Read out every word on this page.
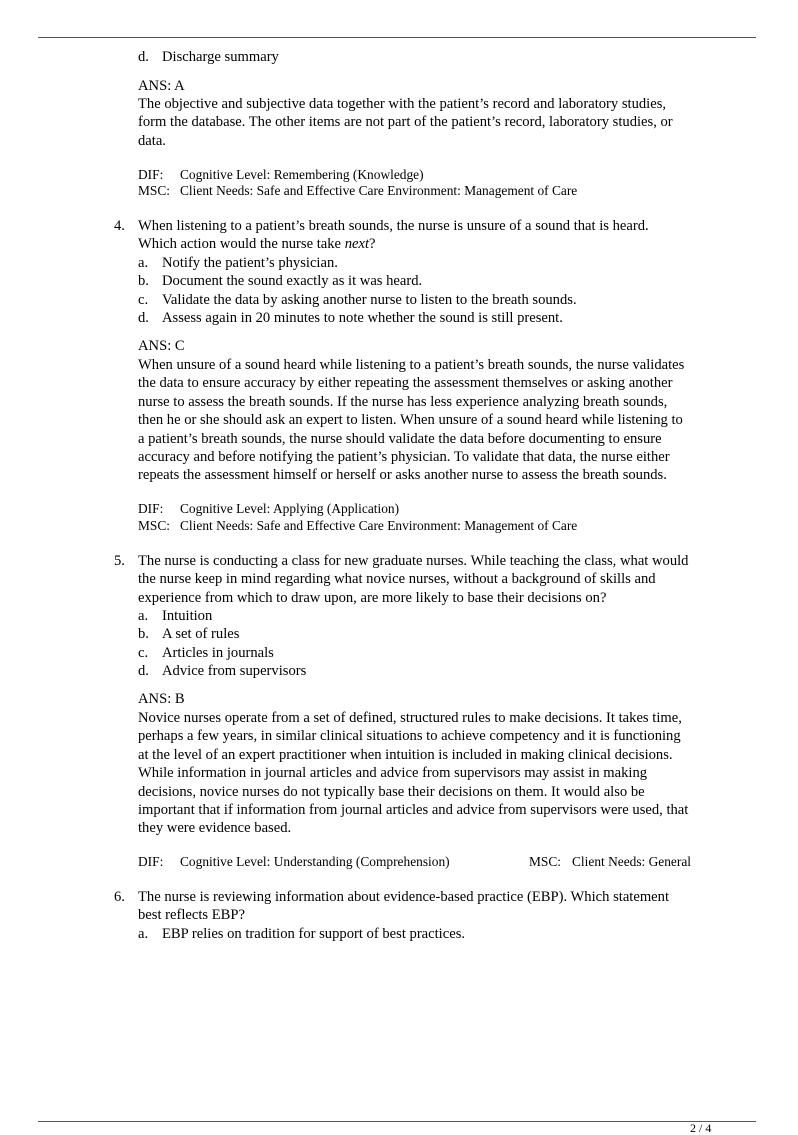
d. Discharge summary
ANS: A
The objective and subjective data together with the patient’s record and laboratory studies,
form the database. The other items are not part of the patient’s record, laboratory studies, or
data.
DIF: Cognitive Level: Remembering (Knowledge)
MSC: Client Needs: Safe and Effective Care Environment: Management of Care
4. When listening to a patient’s breath sounds, the nurse is unsure of a sound that is heard.
Which action would the nurse take next?
a. Notify the patient’s physician.
b. Document the sound exactly as it was heard.
c. Validate the data by asking another nurse to listen to the breath sounds.
d. Assess again in 20 minutes to note whether the sound is still present.
ANS: C
When unsure of a sound heard while listening to a patient’s breath sounds, the nurse validates
the data to ensure accuracy by either repeating the assessment themselves or asking another
nurse to assess the breath sounds. If the nurse has less experience analyzing breath sounds,
then he or she should ask an expert to listen. When unsure of a sound heard while listening to
a patient’s breath sounds, the nurse should validate the data before documenting to ensure
accuracy and before notifying the patient’s physician. To validate that data, the nurse either
repeats the assessment himself or herself or asks another nurse to assess the breath sounds.
DIF: Cognitive Level: Applying (Application)
MSC: Client Needs: Safe and Effective Care Environment: Management of Care
5. The nurse is conducting a class for new graduate nurses. While teaching the class, what would
the nurse keep in mind regarding what novice nurses, without a background of skills and
experience from which to draw upon, are more likely to base their decisions on?
a. Intuition
b. A set of rules
c. Articles in journals
d. Advice from supervisors
ANS: B
Novice nurses operate from a set of defined, structured rules to make decisions. It takes time,
perhaps a few years, in similar clinical situations to achieve competency and it is functioning
at the level of an expert practitioner when intuition is included in making clinical decisions.
While information in journal articles and advice from supervisors may assist in making
decisions, novice nurses do not typically base their decisions on them. It would also be
important that if information from journal articles and advice from supervisors were used, that
they were evidence based.
DIF: Cognitive Level: Understanding (Comprehension)	MSC: Client Needs: General
6. The nurse is reviewing information about evidence-based practice (EBP). Which statement
best reflects EBP?
a. EBP relies on tradition for support of best practices.
2 / 4
